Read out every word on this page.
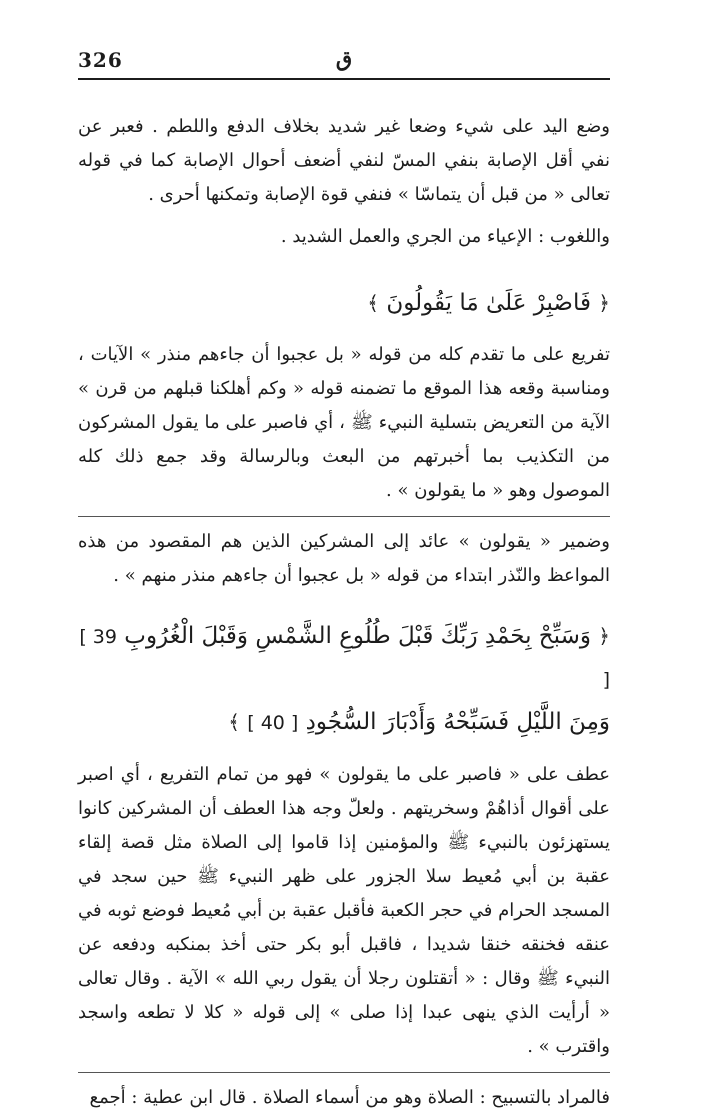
326	ق

وضع اليد على شيء وضعا غير شديد بخلاف الدفع واللطم . فعبر عن نفي أقل الإصابة بنفي المسّ لنفي أضعف أحوال الإصابة كما في قوله تعالى « من قبل أن يتماسّا » فنفي قوة الإصابة وتمكنها أحرى .

واللغوب : الإعياء من الجري والعمل الشديد .

﴿ فَاصْبِرْ عَلَىٰ مَا يَقُولُونَ ﴾

تفريع على ما تقدم كله من قوله « بل عجبوا أن جاءهم منذر » الآيات ، ومناسبة وقعه هذا الموقع ما تضمنه قوله « وكم أهلكنا قبلهم من قرن » الآية من التعريض بتسلية النبيء ﷺ ، أي فاصبر على ما يقول المشركون من التكذيب بما أخبرتهم من البعث وبالرسالة وقد جمع ذلك كله الموصول وهو « ما يقولون » .

وضمير « يقولون » عائد إلى المشركين الذين هم المقصود من هذه المواعظ والنّذر ابتداء من قوله « بل عجبوا أن جاءهم منذر منهم » .

﴿ وَسَبِّحْ بِحَمْدِ رَبِّكَ قَبْلَ طُلُوعِ الشَّمْسِ وَقَبْلَ الْغُرُوبِ [ 39 ]
وَمِنَ اللَّيْلِ فَسَبِّحْهُ وَأَدْبَارَ السُّجُودِ [ 40 ] ﴾

عطف على « فاصبر على ما يقولون » فهو من تمام التفريع ، أي اصبر على أقوال أذاهُمْ وسخريتهم . ولعلّ وجه هذا العطف أن المشركين كانوا يستهزئون بالنبيء ﷺ والمؤمنين إذا قاموا إلى الصلاة مثل قصة إلقاء عقبة بن أبي مُعيط سلا الجزور على ظهر النبيء ﷺ حين سجد في المسجد الحرام في حجر الكعبة فأقبل عقبة بن أبي مُعيط فوضع ثوبه في عنقه فخنقه خنقا شديدا ، فاقبل أبو بكر حتى أخذ بمنكبه ودفعه عن النبيء ﷺ وقال : « أتقتلون رجلا أن يقول ربي الله » الآية . وقال تعالى « أرأيت الذي ينهى عبدا إذا صلى » إلى قوله « كلا لا تطعه واسجد واقترب » .

فالمراد بالتسبيح : الصلاة وهو من أسماء الصلاة . قال ابن عطية : أجمع
